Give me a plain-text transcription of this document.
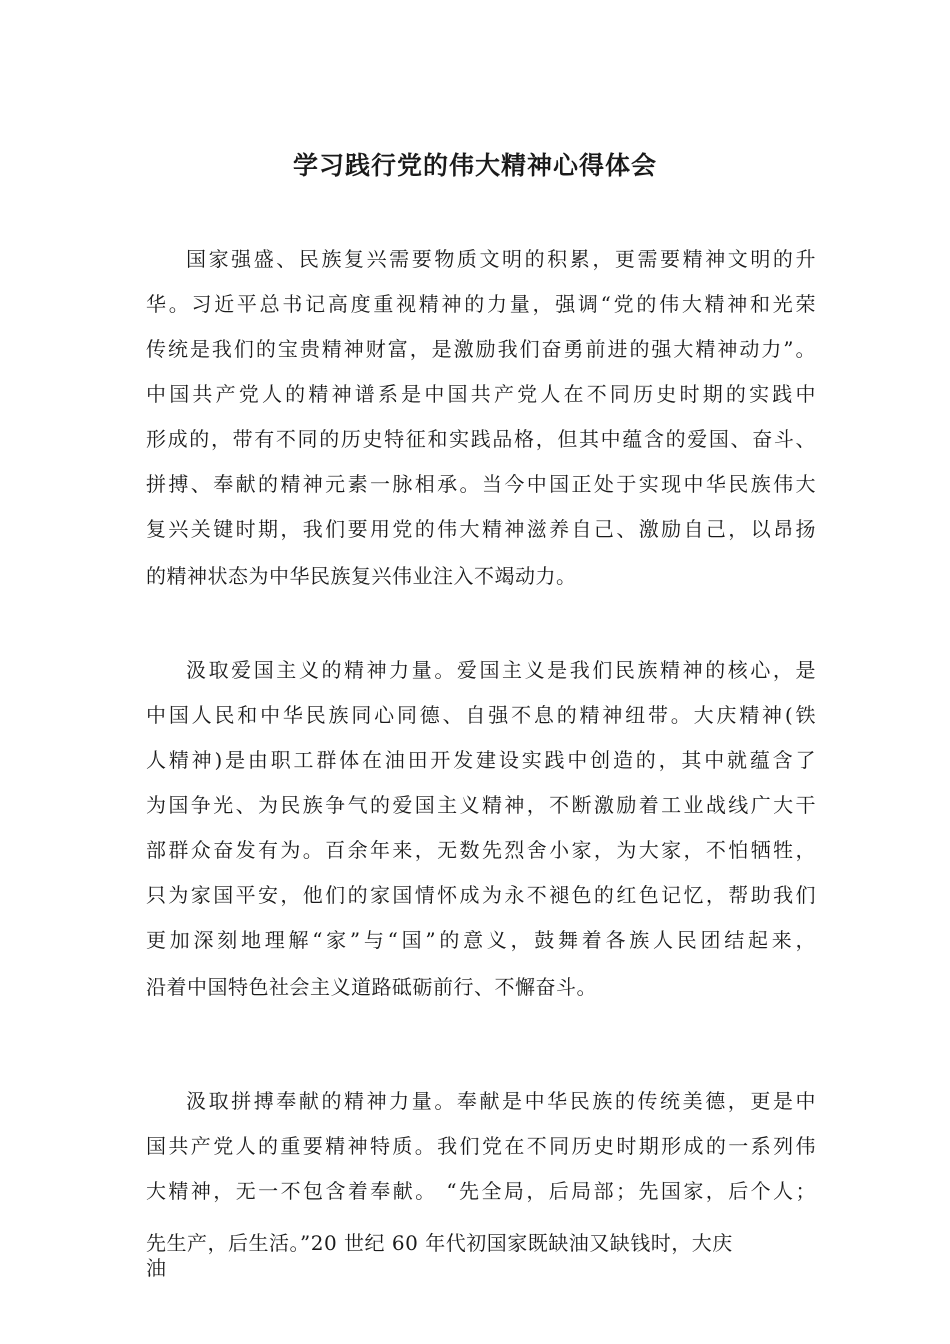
学习践行党的伟大精神心得体会

国家强盛、民族复兴需要物质文明的积累，更需要精神文明的升

华。习近平总书记高度重视精神的力量，强调“党的伟大精神和光荣

传统是我们的宝贵精神财富，是激励我们奋勇前进的强大精神动力”。

中国共产党人的精神谱系是中国共产党人在不同历史时期的实践中

形成的，带有不同的历史特征和实践品格，但其中蕴含的爱国、奋斗、

拼搏、奉献的精神元素一脉相承。当今中国正处于实现中华民族伟大

复兴关键时期，我们要用党的伟大精神滋养自己、激励自己，以昂扬

的精神状态为中华民族复兴伟业注入不竭动力。

汲取爱国主义的精神力量。爱国主义是我们民族精神的核心，是

中国人民和中华民族同心同德、自强不息的精神纽带。大庆精神(铁

人精神)是由职工群体在油田开发建设实践中创造的，其中就蕴含了

为国争光、为民族争气的爱国主义精神，不断激励着工业战线广大干

部群众奋发有为。百余年来，无数先烈舍小家，为大家，不怕牺牲，

只为家国平安，他们的家国情怀成为永不褪色的红色记忆，帮助我们

更加深刻地理解“家”与“国”的意义，鼓舞着各族人民团结起来，

沿着中国特色社会主义道路砥砺前行、不懈奋斗。

汲取拼搏奉献的精神力量。奉献是中华民族的传统美德，更是中

国共产党人的重要精神特质。我们党在不同历史时期形成的一系列伟

大精神，无一不包含着奉献。 “先全局，后局部；先国家，后个人；

先生产，后生活。”20 世纪 60 年代初国家既缺油又缺钱时，大庆

油
